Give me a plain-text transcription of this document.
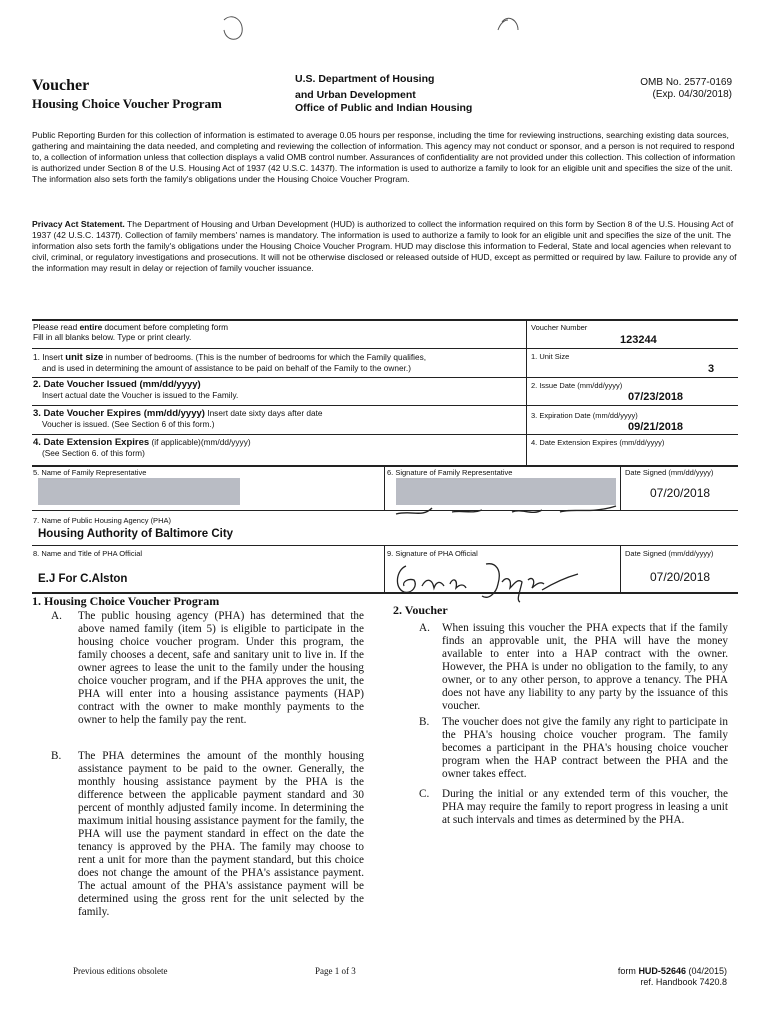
Voucher
Housing Choice Voucher Program
U.S. Department of Housing
and Urban Development
Office of Public and Indian Housing
OMB No. 2577-0169
(Exp. 04/30/2018)
Public Reporting Burden for this collection of information is estimated to average 0.05 hours per response, including the time for reviewing instructions, searching existing data sources, gathering and maintaining the data needed, and completing and reviewing the collection of information. This agency may not conduct or sponsor, and a person is not required to respond to, a collection of information unless that collection displays a valid OMB control number. Assurances of confidentiality are not provided under this collection. This collection of information is authorized under Section 8 of the U.S. Housing Act of 1937 (42 U.S.C. 1437f). The information is used to authorize a family to look for an eligible unit and specifies the size of the unit. The information also sets forth the family's obligations under the Housing Choice Voucher Program.
Privacy Act Statement. The Department of Housing and Urban Development (HUD) is authorized to collect the information required on this form by Section 8 of the U.S. Housing Act of 1937 (42 U.S.C. 1437f). Collection of family members' names is mandatory. The information is used to authorize a family to look for an eligible unit and specifies the size of the unit. The information also sets forth the family's obligations under the Housing Choice Voucher Program. HUD may disclose this information to Federal, State and local agencies when relevant to civil, criminal, or regulatory investigations and prosecutions. It will not be otherwise disclosed or released outside of HUD, except as permitted or required by law. Failure to provide any of the information may result in delay or rejection of family voucher issuance.
Please read entire document before completing form
Fill in all blanks below. Type or print clearly.
Voucher Number
123244
1. Insert unit size in number of bedrooms. (This is the number of bedrooms for which the Family qualifies,
and is used in determining the amount of assistance to be paid on behalf of the Family to the owner.)
1. Unit Size
3
2. Date Voucher Issued (mm/dd/yyyy)
Insert actual date the Voucher is issued to the Family.
2. Issue Date (mm/dd/yyyy)
07/23/2018
3. Date Voucher Expires (mm/dd/yyyy) Insert date sixty days after date
Voucher is issued. (See Section 6 of this form.)
3. Expiration Date (mm/dd/yyyy)
09/21/2018
4. Date Extension Expires (if applicable)(mm/dd/yyyy)
(See Section 6. of this form)
4. Date Extension Expires (mm/dd/yyyy)
5. Name of Family Representative	6. Signature of Family Representative	Date Signed (mm/dd/yyyy)
07/20/2018
7. Name of Public Housing Agency (PHA)
Housing Authority of Baltimore City
8. Name and Title of PHA Official
E.J For C.Alston
9. Signature of PHA Official	Date Signed (mm/dd/yyyy)
07/20/2018
1. Housing Choice Voucher Program
A. The public housing agency (PHA) has determined that the above named family (item 5) is eligible to participate in the housing choice voucher program. Under this program, the family chooses a decent, safe and sanitary unit to live in. If the owner agrees to lease the unit to the family under the housing choice voucher program, and if the PHA approves the unit, the PHA will enter into a housing assistance payments (HAP) contract with the owner to make monthly payments to the owner to help the family pay the rent.
B. The PHA determines the amount of the monthly housing assistance payment to be paid to the owner. Generally, the monthly housing assistance payment by the PHA is the difference between the applicable payment standard and 30 percent of monthly adjusted family income. In determining the maximum initial housing assistance payment for the family, the PHA will use the payment standard in effect on the date the tenancy is approved by the PHA. The family may choose to rent a unit for more than the payment standard, but this choice does not change the amount of the PHA's assistance payment. The actual amount of the PHA's assistance payment will be determined using the gross rent for the unit selected by the family.
2. Voucher
A. When issuing this voucher the PHA expects that if the family finds an approvable unit, the PHA will have the money available to enter into a HAP contract with the owner. However, the PHA is under no obligation to the family, to any owner, or to any other person, to approve a tenancy. The PHA does not have any liability to any party by the issuance of this voucher.
B. The voucher does not give the family any right to participate in the PHA's housing choice voucher program. The family becomes a participant in the PHA's housing choice voucher program when the HAP contract between the PHA and the owner takes effect.
C. During the initial or any extended term of this voucher, the PHA may require the family to report progress in leasing a unit at such intervals and times as determined by the PHA.
Previous editions obsolete	Page 1 of 3	form HUD-52646 (04/2015)
ref. Handbook 7420.8
